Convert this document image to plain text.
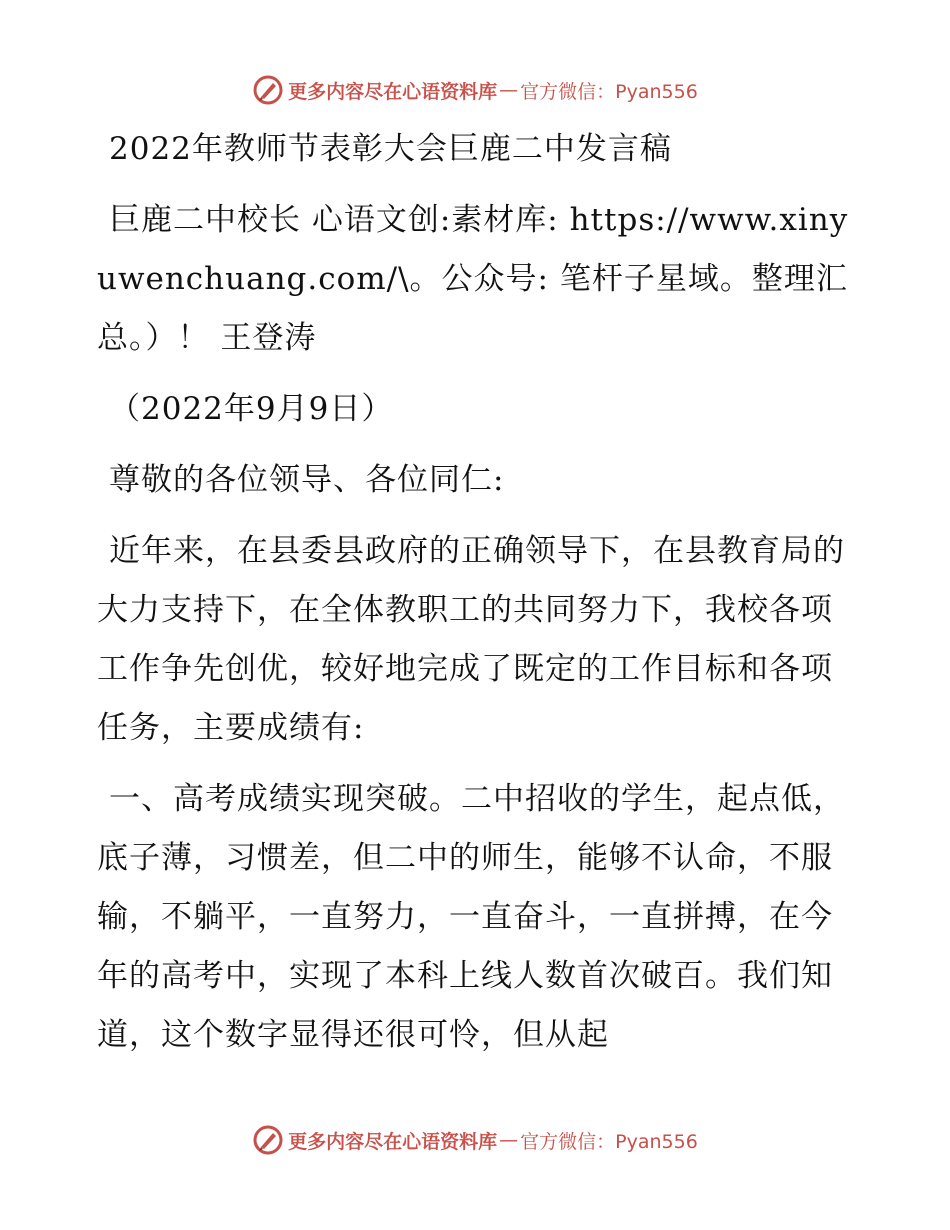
更多内容尽在心语资料库 — 官方微信：Pyan556

2022年教师节表彰大会巨鹿二中发言稿

巨鹿二中校长 心语文创:素材库: https://www.xinyuwenchuang.com/\。公众号: 笔杆子星域。整理汇总。）！ 王登涛

（2022年9月9日）

尊敬的各位领导、各位同仁:

近年来，在县委县政府的正确领导下，在县教育局的大力支持下，在全体教职工的共同努力下，我校各项工作争先创优，较好地完成了既定的工作目标和各项任务，主要成绩有:

一、高考成绩实现突破。二中招收的学生，起点低，底子薄，习惯差，但二中的师生，能够不认命，不服输，不躺平，一直努力，一直奋斗，一直拼搏，在今年的高考中，实现了本科上线人数首次破百。我们知道，这个数字显得还很可怜，但从起

更多内容尽在心语资料库 — 官方微信：Pyan556
